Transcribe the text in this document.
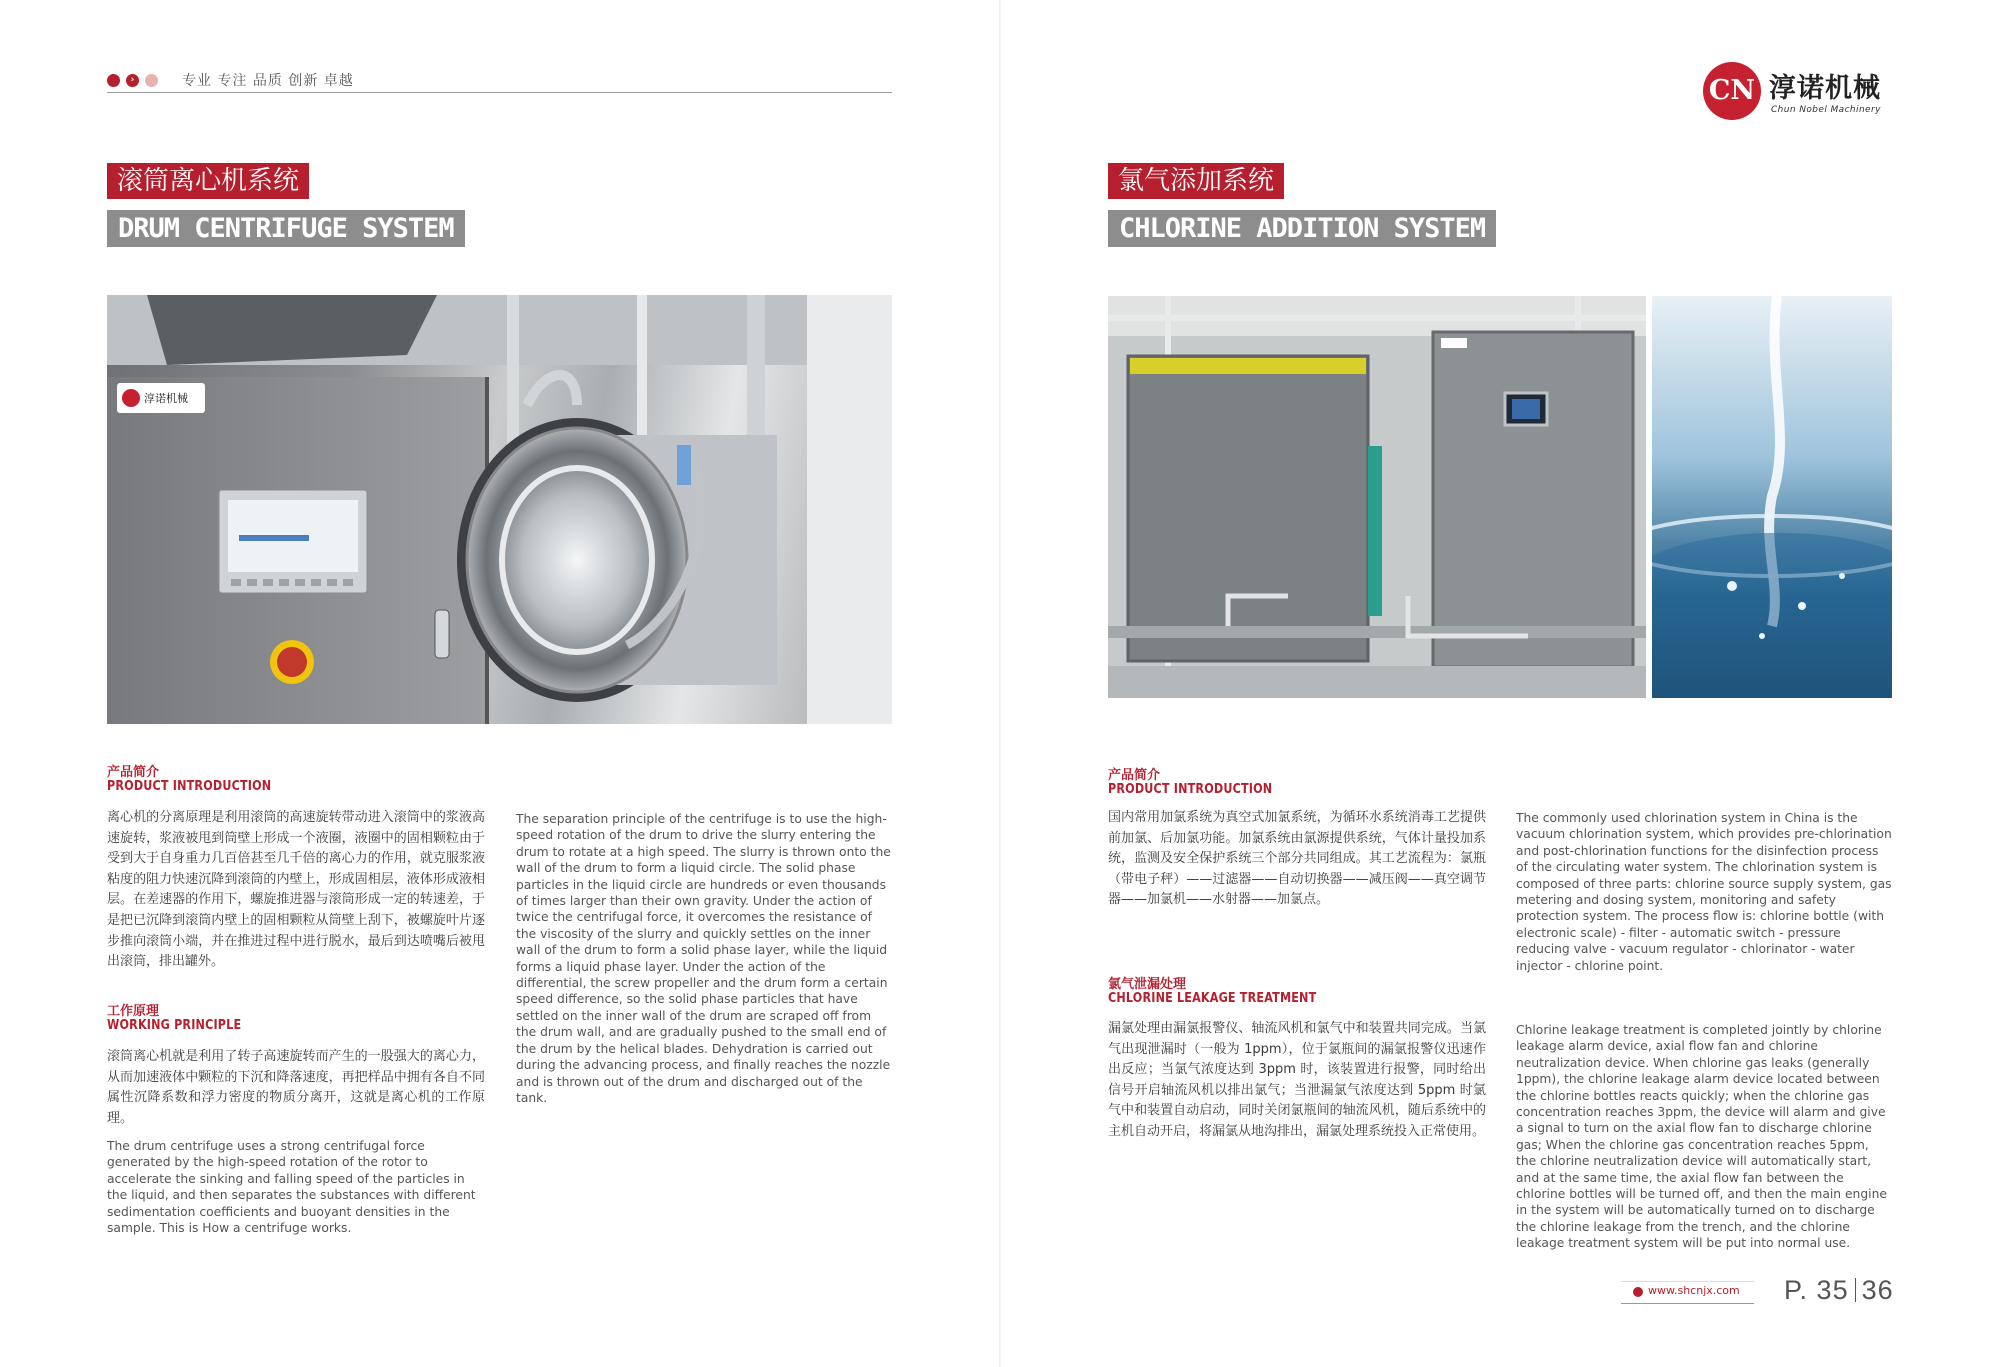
›	专业 专注 品质 创新 卓越	CN 淳诺机械
Chun Nobel Machinery
滚筒离心机系统
DRUM CENTRIFUGE SYSTEM
氯气添加系统
CHLORINE ADDITION SYSTEM
淳诺机械
产品简介
PRODUCT INTRODUCTION

离心机的分离原理是利用滚筒的高速旋转带动进入滚筒中的浆液高速旋转，浆液被甩到筒壁上形成一个液圈，液圈中的固相颗粒由于受到大于自身重力几百倍甚至几千倍的离心力的作用，就克服浆液粘度的阻力快速沉降到滚筒的内壁上，形成固相层，液体形成液相层。在差速器的作用下，螺旋推进器与滚筒形成一定的转速差，于是把已沉降到滚筒内壁上的固相颗粒从筒壁上刮下，被螺旋叶片逐步推向滚筒小端，并在推进过程中进行脱水，最后到达喷嘴后被甩出滚筒，排出罐外。

The separation principle of the centrifuge is to use the high-speed rotation of the drum to drive the slurry entering the drum to rotate at a high speed. The slurry is thrown onto the wall of the drum to form a liquid circle. The solid phase particles in the liquid circle are hundreds or even thousands of times larger than their own gravity. Under the action of twice the centrifugal force, it overcomes the resistance of the viscosity of the slurry and quickly settles on the inner wall of the drum to form a solid phase layer, while the liquid forms a liquid phase layer. Under the action of the differential, the screw propeller and the drum form a certain speed difference, so the solid phase particles that have settled on the inner wall of the drum are scraped off from the drum wall, and are gradually pushed to the small end of the drum by the helical blades. Dehydration is carried out during the advancing process, and finally reaches the nozzle and is thrown out of the drum and discharged out of the tank.

工作原理
WORKING PRINCIPLE

滚筒离心机就是利用了转子高速旋转而产生的一股强大的离心力，从而加速液体中颗粒的下沉和降落速度，再把样品中拥有各自不同属性沉降系数和浮力密度的物质分离开，这就是离心机的工作原理。

The drum centrifuge uses a strong centrifugal force generated by the high-speed rotation of the rotor to accelerate the sinking and falling speed of the particles in the liquid, and then separates the substances with different sedimentation coefficients and buoyant densities in the sample. This is How a centrifuge works.

产品简介
PRODUCT INTRODUCTION

国内常用加氯系统为真空式加氯系统，为循环水系统消毒工艺提供前加氯、后加氯功能。加氯系统由氯源提供系统，气体计量投加系统，监测及安全保护系统三个部分共同组成。其工艺流程为：氯瓶（带电子秤）——过滤器——自动切换器——减压阀——真空调节器——加氯机——水射器——加氯点。

The commonly used chlorination system in China is the vacuum chlorination system, which provides pre-chlorination and post-chlorination functions for the disinfection process of the circulating water system. The chlorination system is composed of three parts: chlorine source supply system, gas metering and dosing system, monitoring and safety protection system. The process flow is: chlorine bottle (with electronic scale) - filter - automatic switch - pressure reducing valve - vacuum regulator - chlorinator - water injector - chlorine point.

氯气泄漏处理
CHLORINE LEAKAGE TREATMENT

漏氯处理由漏氯报警仪、轴流风机和氯气中和装置共同完成。当氯气出现泄漏时（一般为 1ppm），位于氯瓶间的漏氯报警仪迅速作出反应；当氯气浓度达到 3ppm 时，该装置进行报警，同时给出信号开启轴流风机以排出氯气；当泄漏氯气浓度达到 5ppm 时氯气中和装置自动启动，同时关闭氯瓶间的轴流风机，随后系统中的主机自动开启，将漏氯从地沟排出，漏氯处理系统投入正常使用。

Chlorine leakage treatment is completed jointly by chlorine leakage alarm device, axial flow fan and chlorine neutralization device. When chlorine gas leaks (generally 1ppm), the chlorine leakage alarm device located between the chlorine bottles reacts quickly; when the chlorine gas concentration reaches 3ppm, the device will alarm and give a signal to turn on the axial flow fan to discharge chlorine gas; When the chlorine gas concentration reaches 5ppm, the chlorine neutralization device will automatically start, and at the same time, the axial flow fan between the chlorine bottles will be turned off, and then the main engine in the system will be automatically turned on to discharge the chlorine leakage from the trench, and the chlorine leakage treatment system will be put into normal use.

www.shcnjx.com P. 35 36
